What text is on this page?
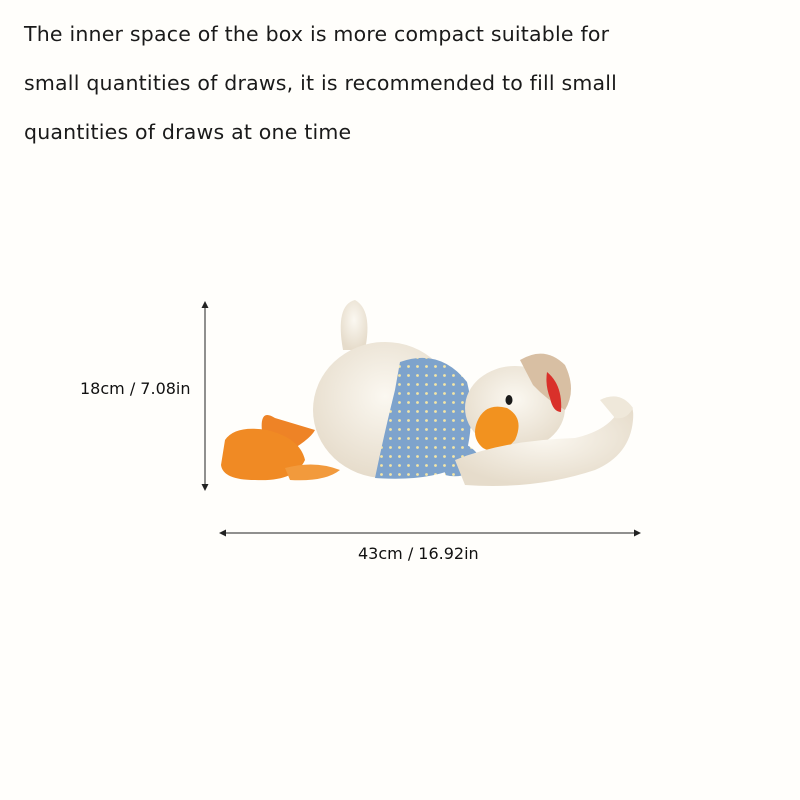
The inner space of the box is more compact suitable for
small quantities of draws, it is recommended to fill small
quantities of draws at one time
18cm / 7.08in
43cm / 16.92in
